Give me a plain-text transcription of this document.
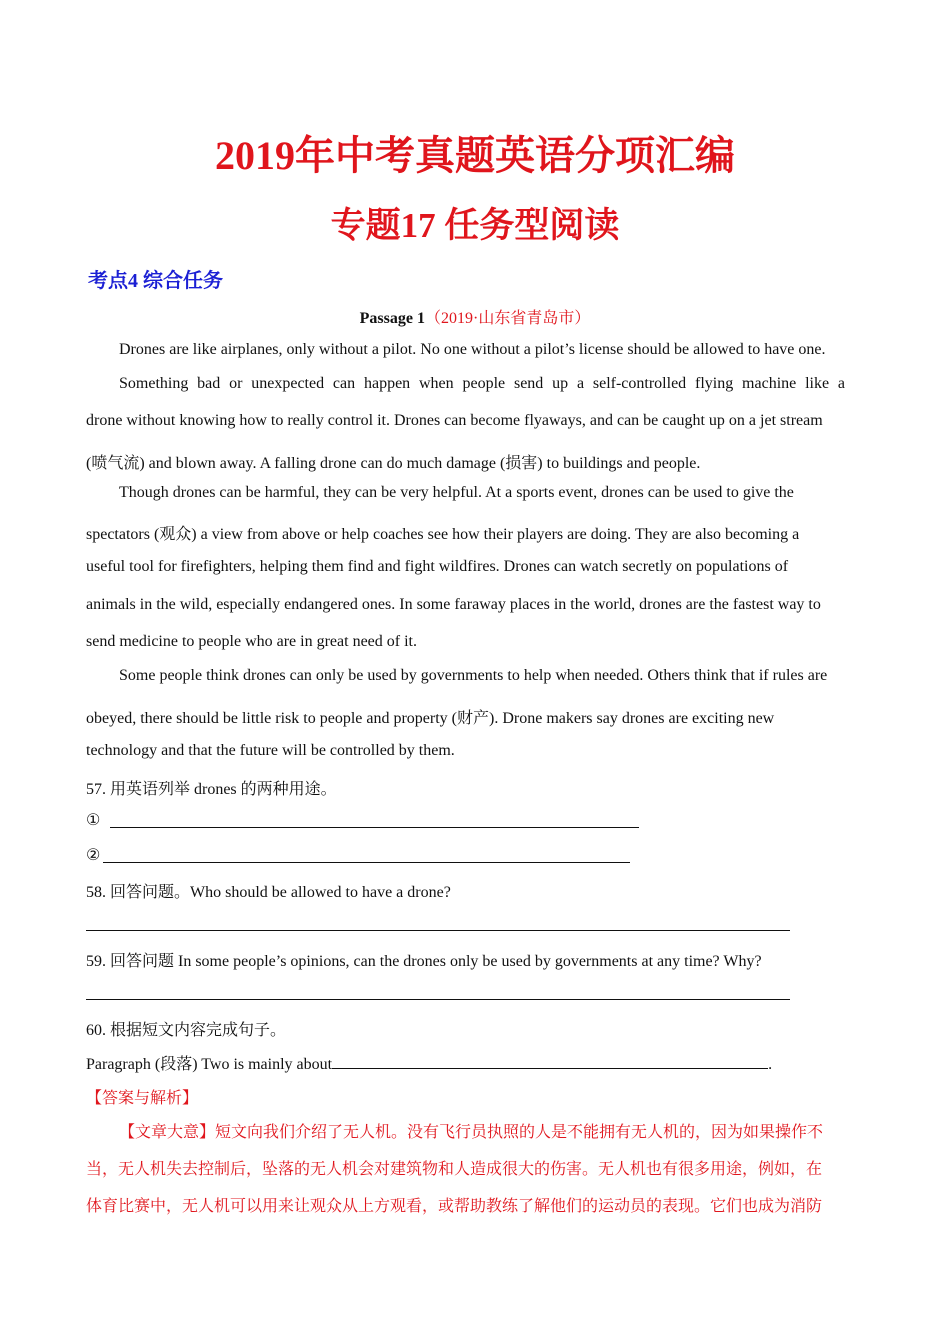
2019年中考真题英语分项汇编
专题17 任务型阅读
考点4 综合任务
Passage 1（2019·山东省青岛市）
Drones are like airplanes, only without a pilot. No one without a pilot’s license should be allowed to have one.
Something bad or unexpected can happen when people send up a self-controlled flying machine like a
drone without knowing how to really control it. Drones can become flyaways, and can be caught up on a jet stream
(喷气流) and blown away. A falling drone can do much damage (损害) to buildings and people.
Though drones can be harmful, they can be very helpful. At a sports event, drones can be used to give the
spectators (观众) a view from above or help coaches see how their players are doing. They are also becoming a
useful tool for firefighters, helping them find and fight wildfires. Drones can watch secretly on populations of
animals in the wild, especially endangered ones. In some faraway places in the world, drones are the fastest way to
send medicine to people who are in great need of it.
Some people think drones can only be used by governments to help when needed. Others think that if rules are
obeyed, there should be little risk to people and property (财产). Drone makers say drones are exciting new
technology and that the future will be controlled by them.
57. 用英语列举 drones 的两种用途。
①
②
58. 回答问题。Who should be allowed to have a drone?
59. 回答问题 In some people’s opinions, can the drones only be used by governments at any time? Why?
60. 根据短文内容完成句子。
Paragraph (段落) Two is mainly about	.
【答案与解析】
【文章大意】短文向我们介绍了无人机。没有飞行员执照的人是不能拥有无人机的，因为如果操作不
当，无人机失去控制后，坠落的无人机会对建筑物和人造成很大的伤害。无人机也有很多用途，例如，在
体育比赛中，无人机可以用来让观众从上方观看，或帮助教练了解他们的运动员的表现。它们也成为消防
